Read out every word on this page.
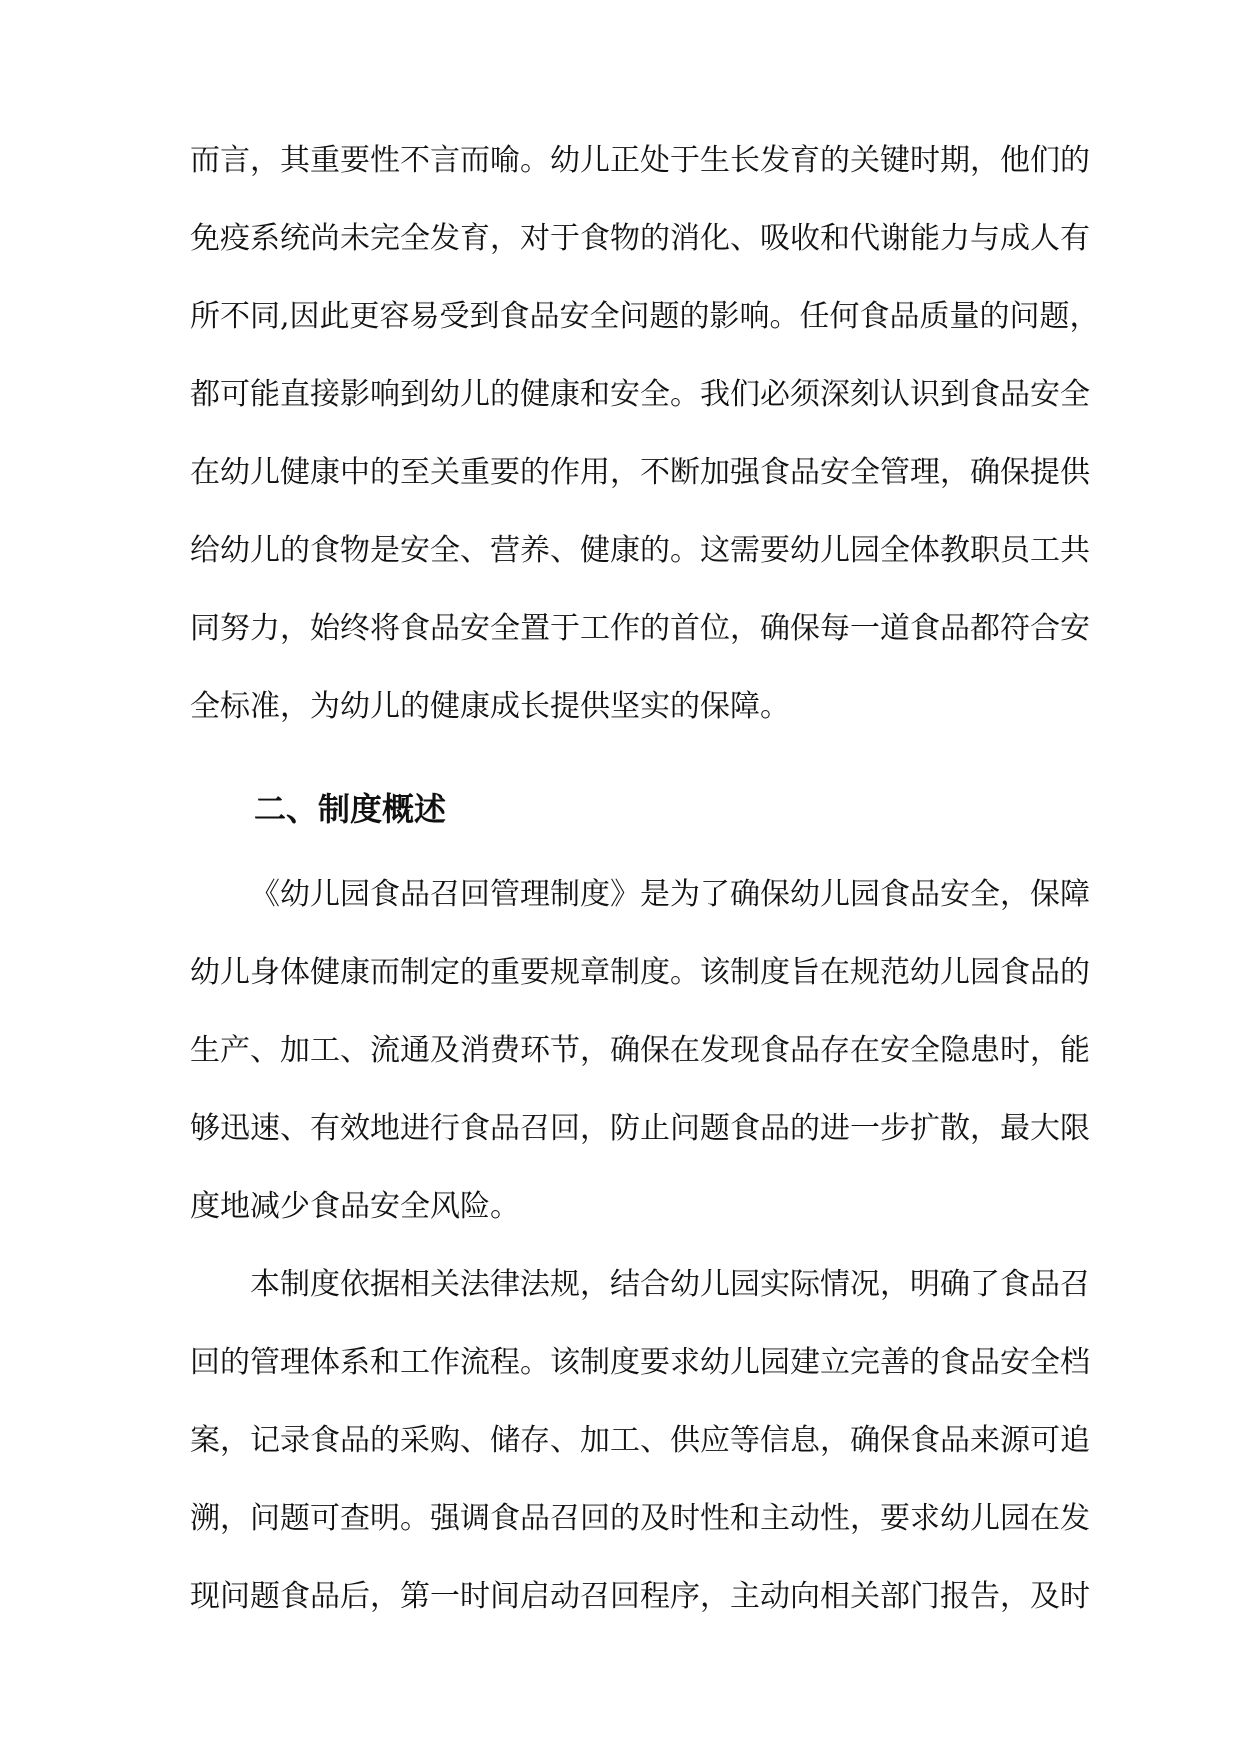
而言，其重要性不言而喻。幼儿正处于生长发育的关键时期，他们的
免疫系统尚未完全发育，对于食物的消化、吸收和代谢能力与成人有
所不同,因此更容易受到食品安全问题的影响。任何食品质量的问题，
都可能直接影响到幼儿的健康和安全。我们必须深刻认识到食品安全
在幼儿健康中的至关重要的作用，不断加强食品安全管理，确保提供
给幼儿的食物是安全、营养、健康的。这需要幼儿园全体教职员工共
同努力，始终将食品安全置于工作的首位，确保每一道食品都符合安
全标准，为幼儿的健康成长提供坚实的保障。
二、制度概述
《幼儿园食品召回管理制度》是为了确保幼儿园食品安全，保障
幼儿身体健康而制定的重要规章制度。该制度旨在规范幼儿园食品的
生产、加工、流通及消费环节，确保在发现食品存在安全隐患时，能
够迅速、有效地进行食品召回，防止问题食品的进一步扩散，最大限
度地减少食品安全风险。
本制度依据相关法律法规，结合幼儿园实际情况，明确了食品召
回的管理体系和工作流程。该制度要求幼儿园建立完善的食品安全档
案，记录食品的采购、储存、加工、供应等信息，确保食品来源可追
溯，问题可查明。强调食品召回的及时性和主动性，要求幼儿园在发
现问题食品后，第一时间启动召回程序，主动向相关部门报告，及时
